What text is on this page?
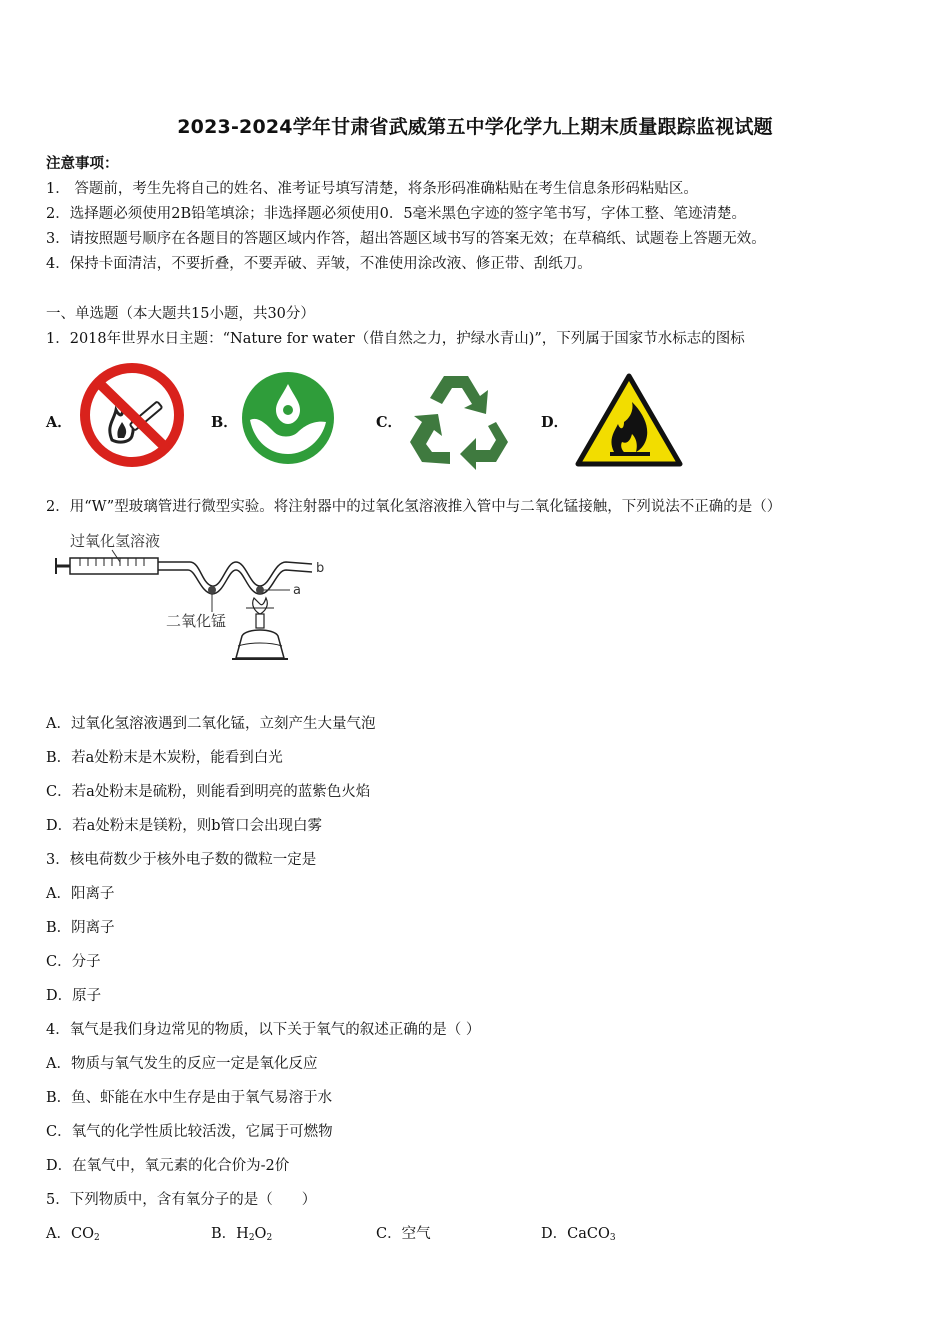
2023-2024学年甘肃省武威第五中学化学九上期末质量跟踪监视试题
注意事项：
1． 答题前，考生先将自己的姓名、准考证号填写清楚，将条形码准确粘贴在考生信息条形码粘贴区。
2．选择题必须使用2B铅笔填涂；非选择题必须使用0．5毫米黑色字迹的签字笔书写，字体工整、笔迹清楚。
3．请按照题号顺序在各题目的答题区域内作答，超出答题区域书写的答案无效；在草稿纸、试题卷上答题无效。
4．保持卡面清洁，不要折叠，不要弄破、弄皱，不准使用涂改液、修正带、刮纸刀。
一、单选题（本大题共15小题，共30分）
1．2018年世界水日主题：“Nature for water（借自然之力，护绿水青山)”，下列属于国家节水标志的图标
A．	B．	C．	D．
2．用“W”型玻璃管进行微型实验。将注射器中的过氧化氢溶液推入管中与二氧化锰接触，下列说法不正确的是（）
过氧化氢溶液
b
二氧化锰
a
A．过氧化氢溶液遇到二氧化锰，立刻产生大量气泡
B．若a处粉末是木炭粉，能看到白光
C．若a处粉末是硫粉，则能看到明亮的蓝紫色火焰
D．若a处粉末是镁粉，则b管口会出现白雾
3．核电荷数少于核外电子数的微粒一定是
A．阳离子
B．阴离子
C．分子
D．原子
4．氧气是我们身边常见的物质，以下关于氧气的叙述正确的是（ ）
A．物质与氧气发生的反应一定是氧化反应
B．鱼、虾能在水中生存是由于氧气易溶于水
C．氧气的化学性质比较活泼，它属于可燃物
D．在氧气中，氧元素的化合价为-2价
5．下列物质中，含有氧分子的是（　　）
A．$CO_2$	B．$H_2O_2$	C．空气	D．CaCO$_3$
